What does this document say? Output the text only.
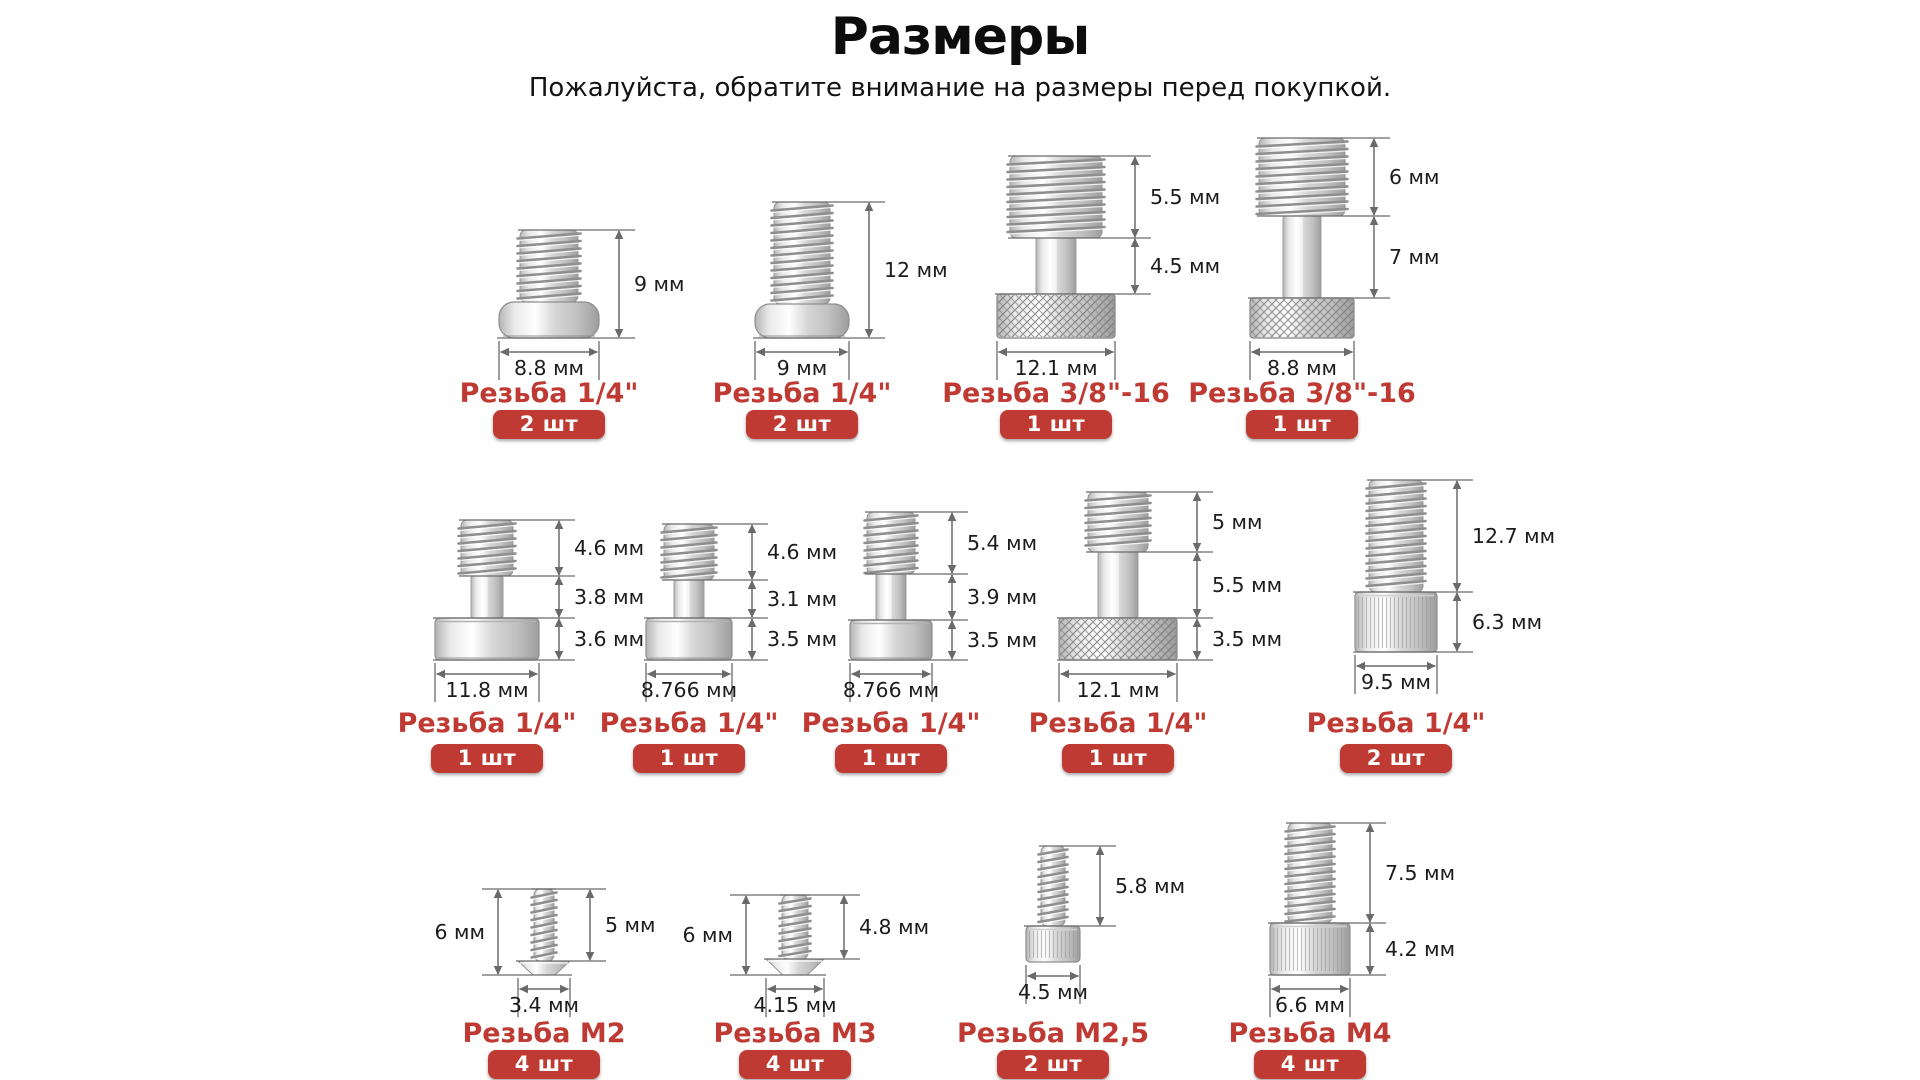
Размеры
Пожалуйста, обратите внимание на размеры перед покупкой.
9 мм
8.8 мм
Резьба 1/4"
2 шт
12 мм
9 мм
Резьба 1/4"
2 шт
5.5 мм
4.5 мм
12.1 мм
Резьба 3/8"-16
1 шт
6 мм
7 мм
8.8 мм
Резьба 3/8"-16
1 шт
4.6 мм
3.8 мм
3.6 мм
11.8 мм
Резьба 1/4"
1 шт
4.6 мм
3.1 мм
3.5 мм
8.766 мм
Резьба 1/4"
1 шт
5.4 мм
3.9 мм
3.5 мм
8.766 мм
Резьба 1/4"
1 шт
5 мм
5.5 мм
3.5 мм
12.1 мм
Резьба 1/4"
1 шт
12.7 мм
6.3 мм
9.5 мм
Резьба 1/4"
2 шт
5 мм
6 мм
3.4 мм
Резьба M2
4 шт
4.8 мм
6 мм
4.15 мм
Резьба M3
4 шт
5.8 мм
4.5 мм
Резьба M2,5
2 шт
7.5 мм
4.2 мм
6.6 мм
Резьба M4
4 шт
